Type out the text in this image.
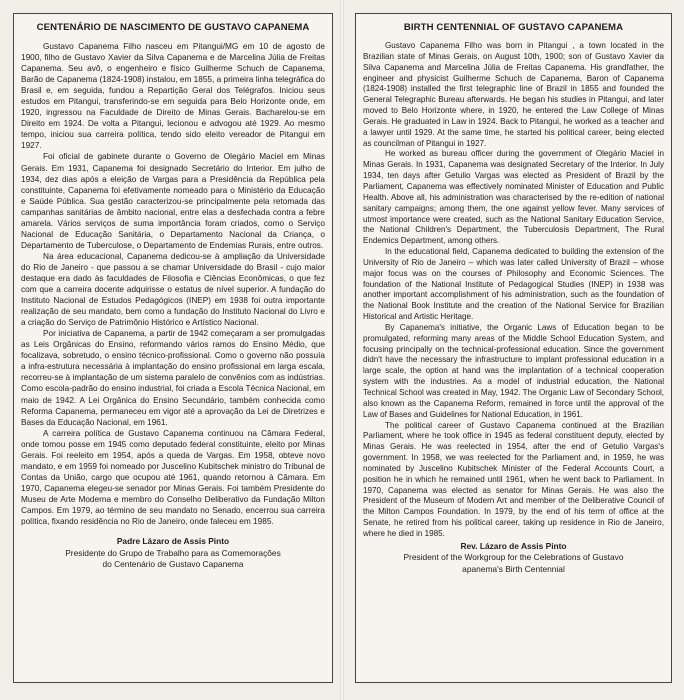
CENTENÁRIO DE NASCIMENTO DE GUSTAVO CAPANEMA

Gustavo Capanema Filho nasceu em Pitangui/MG em 10 de agosto de 1900, filho de Gustavo Xavier da Silva Capanema e de Marcelina Júlia de Freitas Capanema. Seu avô, o engenheiro e físico Guilherme Schuch de Capanema, Barão de Capanema (1824-1908) instalou, em 1855, a primeira linha telegráfica do Brasil e, em seguida, fundou a Repartição Geral dos Telégrafos. Iniciou seus estudos em Pitangui, transferindo-se em seguida para Belo Horizonte onde, em 1920, ingressou na Faculdade de Direito de Minas Gerais. Bacharelou-se em Direito em 1924. De volta a Pitangui, lecionou e advogou até 1929. Ao mesmo tempo, iniciou sua carreira política, tendo sido eleito vereador de Pitangui em 1927.

Foi oficial de gabinete durante o Governo de Olegário Maciel em Minas Gerais. Em 1931, Capanema foi designado Secretário do Interior. Em julho de 1934, dez dias após a eleição de Vargas para a Presidência da República pela constituinte, Capanema foi efetivamente nomeado para o Ministério da Educação e Saúde Pública. Sua gestão caracterizou-se principalmente pela retomada das campanhas sanitárias de âmbito nacional, entre elas a desfechada contra a febre amarela. Vários serviços de suma importância foram criados, como o Serviço Nacional de Educação Sanitária, o Departamento Nacional da Criança, o Departamento de Tuberculose, o Departamento de Endemias Rurais, entre outros.

Na área educacional, Capanema dedicou-se à ampliação da Universidade do Rio de Janeiro - que passou a se chamar Universidade do Brasil - cujo maior destaque era dado às faculdades de Filosofia e Ciências Econômicas, o que fez com que a carreira docente adquirisse o estatus de nível superior. A fundação do Instituto Nacional de Estudos Pedagógicos (INEP) em 1938 foi outra importante realização de seu mandato, bem como a fundação do Instituto Nacional do Livro e a criação do Serviço de Patrimônio Histórico e Artístico Nacional.

Por iniciativa de Capanema, a partir de 1942 começaram a ser promulgadas as Leis Orgânicas do Ensino, reformando vários ramos do Ensino Médio, que focalizava, sobretudo, o ensino técnico-profissional. Como o governo não possuía a infra-estrutura necessária à implantação do ensino profissional em larga escala, recorreu-se à implantação de um sistema paralelo de convênios com as indústrias. Como escola-padrão do ensino industrial, foi criada a Escola Técnica Nacional, em maio de 1942. A Lei Orgânica do Ensino Secundário, também conhecida como Reforma Capanema, permaneceu em vigor até a aprovação da Lei de Diretrizes e Bases da Educação Nacional, em 1961.

A carreira política de Gustavo Capanema continuou na Câmara Federal, onde tomou posse em 1945 como deputado federal constituinte, eleito por Minas Gerais. Foi reeleito em 1954, após a queda de Vargas. Em 1958, obteve novo mandato, e em 1959 foi nomeado por Juscelino Kubitschek ministro do Tribunal de Contas da União, cargo que ocupou até 1961, quando retornou à Câmara. Em 1970, Capanema elegeu-se senador por Minas Gerais. Foi também Presidente do Museu de Arte Moderna e membro do Conselho Deliberativo da Fundação Milton Campos. Em 1979, ao término de seu mandato no Senado, encerrou sua carreira política, fixando residência no Rio de Janeiro, onde faleceu em 1985.

Padre Lázaro de Assis Pinto
Presidente do Grupo de Trabalho para as Comemorações
do Centenário de Gustavo Capanema
BIRTH CENTENNIAL OF GUSTAVO CAPANEMA

Gustavo Capanema Filho was born in Pitangui , a town located in the Brazilian state of Minas Gerais, on August 10th, 1900; son of Gustavo Xavier da Silva Capanema and Marcelina Júlia de Freitas Capanema. His grandfather, the engineer and physicist Guilherme Schuch de Capanema, Baron of Capanema (1824-1908) installed the first telegraphic line of Brazil in 1855 and founded the General Telegraphic Bureau afterwards. He began his studies in Pitangui, and later moved to Belo Horizonte where, in 1920, he entered the Law College of Minas Gerais. He graduated in Law in 1924. Back to Pitangui, he worked as a teacher and a lawyer until 1929. At the same time, he started his political career, being elected as councilman of Pitangui in 1927.

He worked as bureau officer during the government of Olegário Maciel in Minas Gerais. In 1931, Capanema was designated Secretary of the Interior. In July 1934, ten days after Getulio Vargas was elected as President of Brazil by the Parliament, Capanema was effectively nominated Minister of Education and Public Health. Above all, his administration was characterised by the re-edition of national sanitary campaigns; among them, the one against yellow fever. Many services of utmost importance were created, such as the National Sanitary Education Service, the National Children's Department, the Tuberculosis Department, The Rural Endemics Department, among others.

In the educational field, Capanema dedicated to building the extension of the University of Rio de Janeiro – which was later called University of Brazil – whose major focus was on the courses of Philosophy and Economic Sciences. The foundation of the National Institute of Pedagogical Studies (INEP) in 1938 was another important accomplishment of his administration, such as the foundation of the National Book Institute and the creation of the National Service for Brazilian Historical and Artistic Heritage.

By Capanema's initiative, the Organic Laws of Education began to be promulgated, reforming many areas of the Middle School Education System, and focusing principally on the technical-professional education. Since the government didn't have the necessary the infrastructure to implant professional education in a large scale, the option at hand was the implantation of a technical cooperation system with the industries. As a model of industrial education, the National Technical School was created in May, 1942. The Organic Law of Secondary School, also known as the Capanema Reform, remained in force until the approval of the Law of Bases and Guidelines for National Education, in 1961.

The political career of Gustavo Capanema continued at the Brazilian Parliament, where he took office in 1945 as federal constituent deputy, elected by Minas Gerais. He was reelected in 1954, after the end of Getulio Vargas's government. In 1958, we was reelected for the Parliament and, in 1959, he was nominated by Juscelino Kubitschek Minister of the Federal Accounts Court, a position he in which he remained until 1961, when he went back to Parliament. In 1970, Capanema was elected as senator for Minas Gerais. He was also the President of the Museum of Modern Art and member of the Deliberative Council of the Milton Campos Foundation. In 1979, by the end of his term of office at the Senate, he retired from his political career, taking up residence in Rio de Janeiro, where he died in 1985.

Rev. Lázaro de Assis Pinto
President of the Workgroup for the Celebrations of Gustavo
apanema's Birth Centennial
